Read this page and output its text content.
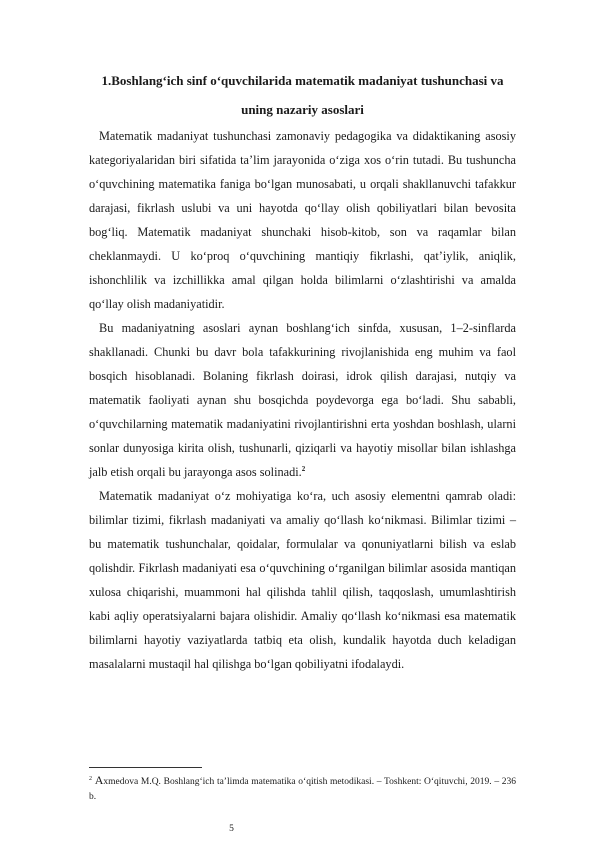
1.Boshlang‘ich sinf o‘quvchilarida matematik madaniyat tushunchasi va
uning nazariy asoslari

Matematik madaniyat tushunchasi zamonaviy pedagogika va didaktikaning asosiy kategoriyalaridan biri sifatida ta’lim jarayonida o‘ziga xos o‘rin tutadi. Bu tushuncha o‘quvchining matematika faniga bo‘lgan munosabati, u orqali shakllanuvchi tafakkur darajasi, fikrlash uslubi va uni hayotda qo‘llay olish qobiliyatlari bilan bevosita bog‘liq. Matematik madaniyat shunchaki hisob-kitob, son va raqamlar bilan cheklanmaydi. U ko‘proq o‘quvchining mantiqiy fikrlashi, qat’iylik, aniqlik, ishonchlilik va izchillikka amal qilgan holda bilimlarni o‘zlashtirishi va amalda qo‘llay olish madaniyatidir.

Bu madaniyatning asoslari aynan boshlang‘ich sinfda, xususan, 1–2-sinflarda shakllanadi. Chunki bu davr bola tafakkurining rivojlanishida eng muhim va faol bosqich hisoblanadi. Bolaning fikrlash doirasi, idrok qilish darajasi, nutqiy va matematik faoliyati aynan shu bosqichda poydevorga ega bo‘ladi. Shu sababli, o‘quvchilarning matematik madaniyatini rivojlantirishni erta yoshdan boshlash, ularni sonlar dunyosiga kirita olish, tushunarli, qiziqarli va hayotiy misollar bilan ishlashga jalb etish orqali bu jarayonga asos solinadi.$^2$

Matematik madaniyat o‘z mohiyatiga ko‘ra, uch asosiy elementni qamrab oladi: bilimlar tizimi, fikrlash madaniyati va amaliy qo‘llash ko‘nikmasi. Bilimlar tizimi – bu matematik tushunchalar, qoidalar, formulalar va qonuniyatlarni bilish va eslab qolishdir. Fikrlash madaniyati esa o‘quvchining o‘rganilgan bilimlar asosida mantiqan xulosa chiqarishi, muammoni hal qilishda tahlil qilish, taqqoslash, umumlashtirish kabi aqliy operatsiyalarni bajara olishidir. Amaliy qo‘llash ko‘nikmasi esa matematik bilimlarni hayotiy vaziyatlarda tatbiq eta olish, kundalik hayotda duch keladigan masalalarni mustaqil hal qilishga bo‘lgan qobiliyatni ifodalaydi.

$^2$ Axmedova M.Q. Boshlang‘ich ta’limda matematika o‘qitish metodikasi. – Toshkent: O‘qituvchi, 2019. – 236 b.

5
